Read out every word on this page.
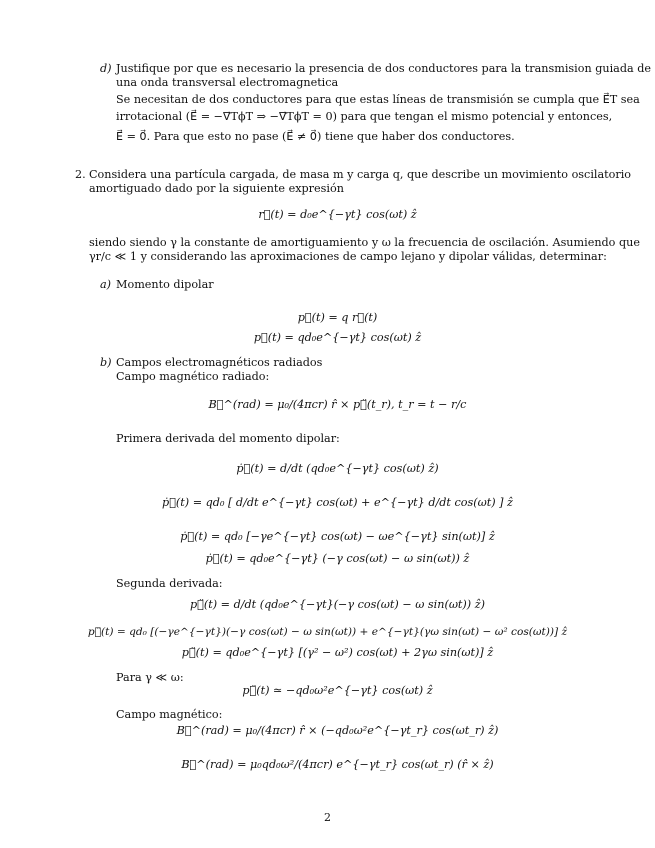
d) Justifique por que es necesario la presencia de dos conductores para la transmision guiada de
una onda transversal electromagnetica
Se necesitan de dos conductores para que estas líneas de transmisión se cumpla que E⃗T sea
irrotacional (E⃗ = −∇⃗TϕT ⇒ −∇⃗TϕT = 0) para que tengan el mismo potencial y entonces,
E⃗ = 0⃗. Para que esto no pase (E⃗ ≠ 0⃗) tiene que haber dos conductores.
2. Considera una partícula cargada, de masa m y carga q, que describe un movimiento oscilatorio
amortiguado dado por la siguiente expresión
r⃗(t) = d₀e^{−γt} cos(ωt) ẑ
siendo siendo γ la constante de amortiguamiento y ω la frecuencia de oscilación. Asumiendo que
γr/c ≪ 1 y considerando las aproximaciones de campo lejano y dipolar válidas, determinar:
a) Momento dipolar
p⃗(t) = q r⃗(t)
p⃗(t) = qd₀e^{−γt} cos(ωt) ẑ
b) Campos electromagnéticos radiados
Campo magnético radiado:
B⃗^(rad) = μ₀/(4πcr) r̂ × p⃗̈(t_r), t_r = t − r/c
Primera derivada del momento dipolar:
ṗ⃗(t) = d/dt (qd₀e^{−γt} cos(ωt) ẑ)
ṗ⃗(t) = qd₀ [ d/dt e^{−γt} cos(ωt) + e^{−γt} d/dt cos(ωt) ] ẑ
ṗ⃗(t) = qd₀ [−γe^{−γt} cos(ωt) − ωe^{−γt} sin(ωt)] ẑ
ṗ⃗(t) = qd₀e^{−γt} (−γ cos(ωt) − ω sin(ωt)) ẑ
Segunda derivada:
p⃗̈(t) = d/dt (qd₀e^{−γt}(−γ cos(ωt) − ω sin(ωt)) ẑ)
p⃗̈(t) = qd₀ [(−γe^{−γt})(−γ cos(ωt) − ω sin(ωt)) + e^{−γt}(γω sin(ωt) − ω² cos(ωt))] ẑ
p⃗̈(t) = qd₀e^{−γt} [(γ² − ω²) cos(ωt) + 2γω sin(ωt)] ẑ
Para γ ≪ ω:
p⃗̈(t) ≃ −qd₀ω²e^{−γt} cos(ωt) ẑ
Campo magnético:
B⃗^(rad) = μ₀/(4πcr) r̂ × (−qd₀ω²e^{−γt_r} cos(ωt_r) ẑ)
B⃗^(rad) = μ₀qd₀ω²/(4πcr) e^{−γt_r} cos(ωt_r) (r̂ × ẑ)
2
